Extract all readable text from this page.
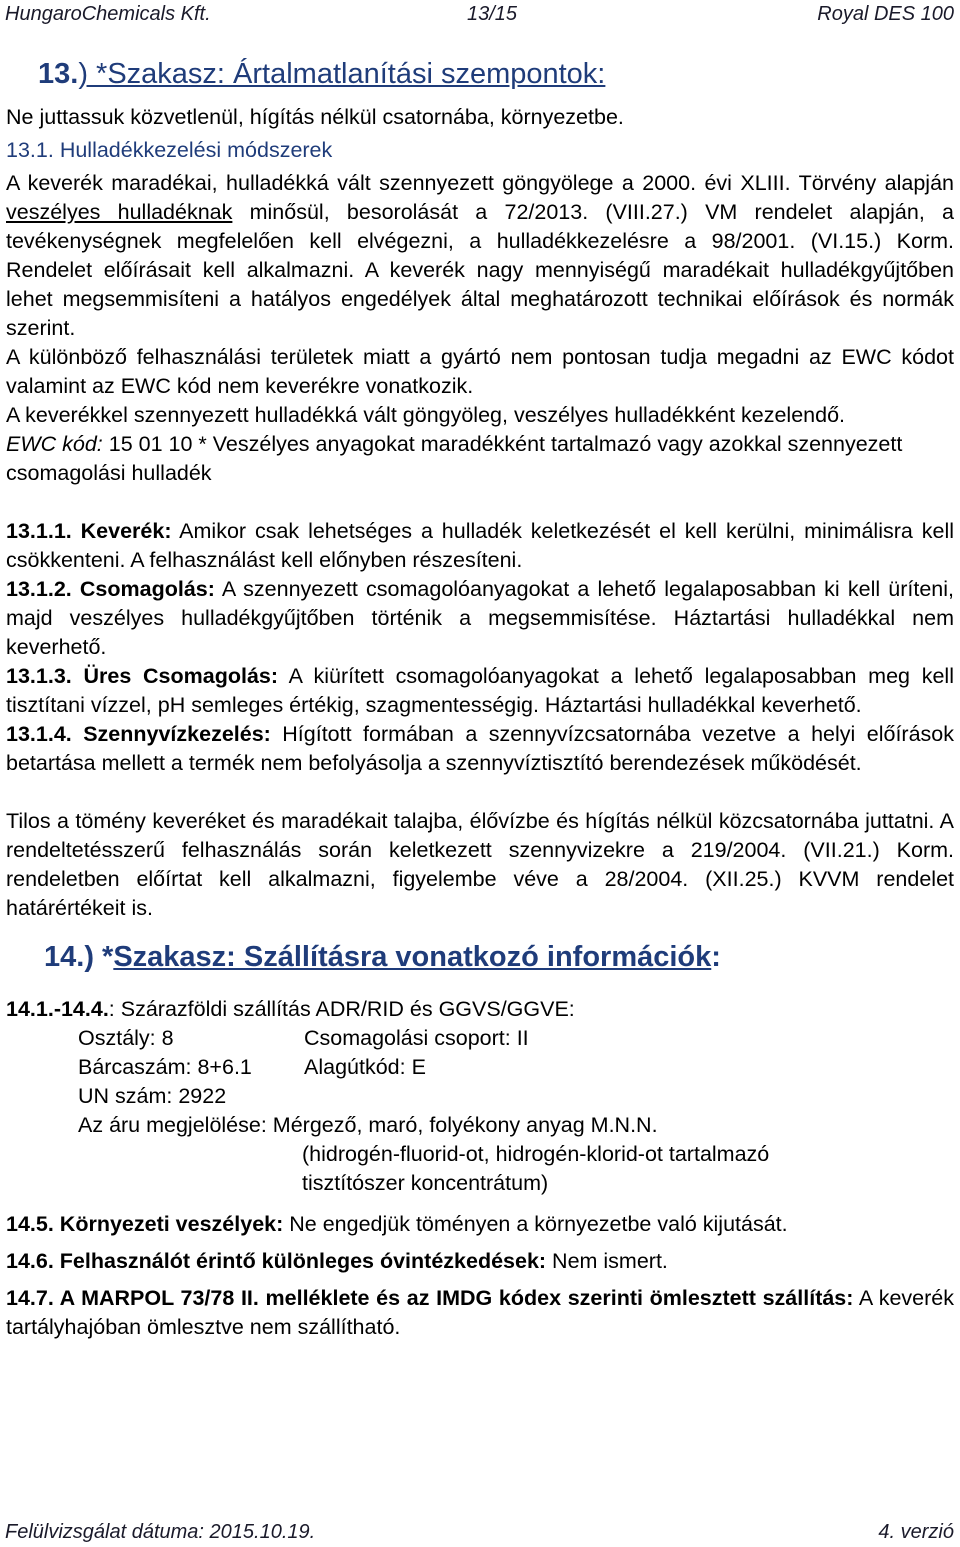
HungaroChemicals Kft.	13/15	Royal DES 100
13.) *Szakasz: Ártalmatlanítási szempontok:

Ne juttassuk közvetlenül, hígítás nélkül csatornába, környezetbe.

13.1. Hulladékkezelési módszerek

A keverék maradékai, hulladékká vált szennyezett göngyölege a 2000. évi XLIII. Törvény alapján veszélyes hulladéknak minősül, besorolását a 72/2013. (VIII.27.) VM rendelet alapján, a tevékenységnek megfelelően kell elvégezni, a hulladékkezelésre a 98/2001. (VI.15.) Korm. Rendelet előírásait kell alkalmazni. A keverék nagy mennyiségű maradékait hulladékgyűjtőben lehet megsemmisíteni a hatályos engedélyek által meghatározott technikai előírások és normák szerint.

A különböző felhasználási területek miatt a gyártó nem pontosan tudja megadni az EWC kódot valamint az EWC kód nem keverékre vonatkozik.

A keverékkel szennyezett hulladékká vált göngyöleg, veszélyes hulladékként kezelendő.

EWC kód: 15 01 10 * Veszélyes anyagokat maradékként tartalmazó vagy azokkal szennyezett csomagolási hulladék

13.1.1. Keverék: Amikor csak lehetséges a hulladék keletkezését el kell kerülni, minimálisra kell csökkenteni. A felhasználást kell előnyben részesíteni.

13.1.2. Csomagolás: A szennyezett csomagolóanyagokat a lehető legalaposabban ki kell üríteni, majd veszélyes hulladékgyűjtőben történik a megsemmisítése. Háztartási hulladékkal nem keverhető.

13.1.3. Üres Csomagolás: A kiürített csomagolóanyagokat a lehető legalaposabban meg kell tisztítani vízzel, pH semleges értékig, szagmentességig. Háztartási hulladékkal keverhető.

13.1.4. Szennyvízkezelés: Hígított formában a szennyvízcsatornába vezetve a helyi előírások betartása mellett a termék nem befolyásolja a szennyvíztisztító berendezések működését.

Tilos a tömény keveréket és maradékait talajba, élővízbe és hígítás nélkül közcsatornába juttatni. A rendeltetésszerű felhasználás során keletkezett szennyvizekre a 219/2004. (VII.21.) Korm. rendeletben előírtat kell alkalmazni, figyelembe véve a 28/2004. (XII.25.) KVVM rendelet határértékeit is.

14.) *Szakasz: Szállításra vonatkozó információk:

14.1.-14.4.: Szárazföldi szállítás ADR/RID és GGVS/GGVE:

Osztály: 8	Csomagolási csoport: II
Bárcaszám: 8+6.1	Alagútkód: E
UN szám: 2922
Az áru megjelölése: Mérgező, maró, folyékony anyag M.N.N.
(hidrogén-fluorid-ot, hidrogén-klorid-ot tartalmazó tisztítószer koncentrátum)

14.5. Környezeti veszélyek: Ne engedjük töményen a környezetbe való kijutását.

14.6. Felhasználót érintő különleges óvintézkedések: Nem ismert.

14.7. A MARPOL 73/78 II. melléklete és az IMDG kódex szerinti ömlesztett szállítás: A keverék tartályhajóban ömlesztve nem szállítható.

Felülvizsgálat dátuma: 2015.10.19.	4. verzió
